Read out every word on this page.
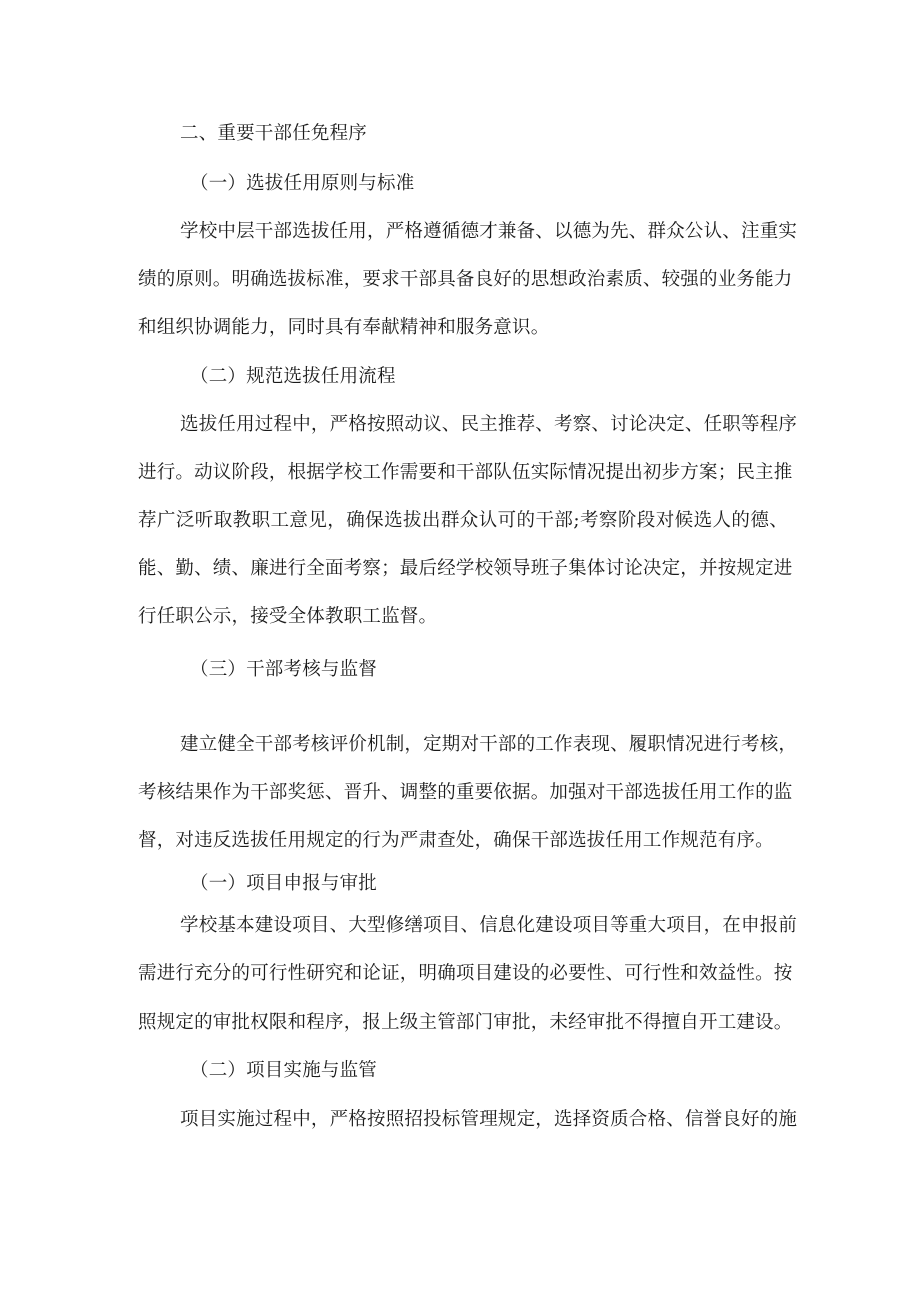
二、重要干部任免程序
（一）选拔任用原则与标准
学校中层干部选拔任用，严格遵循德才兼备、以德为先、群众公认、注重实
绩的原则。明确选拔标准，要求干部具备良好的思想政治素质、较强的业务能力
和组织协调能力，同时具有奉献精神和服务意识。
（二）规范选拔任用流程
选拔任用过程中，严格按照动议、民主推荐、考察、讨论决定、任职等程序
进行。动议阶段，根据学校工作需要和干部队伍实际情况提出初步方案；民主推
荐广泛听取教职工意见，确保选拔出群众认可的干部;考察阶段对候选人的德、
能、勤、绩、廉进行全面考察；最后经学校领导班子集体讨论决定，并按规定进
行任职公示，接受全体教职工监督。
（三）干部考核与监督
建立健全干部考核评价机制，定期对干部的工作表现、履职情况进行考核，
考核结果作为干部奖惩、晋升、调整的重要依据。加强对干部选拔任用工作的监
督，对违反选拔任用规定的行为严肃查处，确保干部选拔任用工作规范有序。
（一）项目申报与审批
学校基本建设项目、大型修缮项目、信息化建设项目等重大项目，在申报前
需进行充分的可行性研究和论证，明确项目建设的必要性、可行性和效益性。按
照规定的审批权限和程序，报上级主管部门审批，未经审批不得擅自开工建设。
（二）项目实施与监管
项目实施过程中，严格按照招投标管理规定，选择资质合格、信誉良好的施
